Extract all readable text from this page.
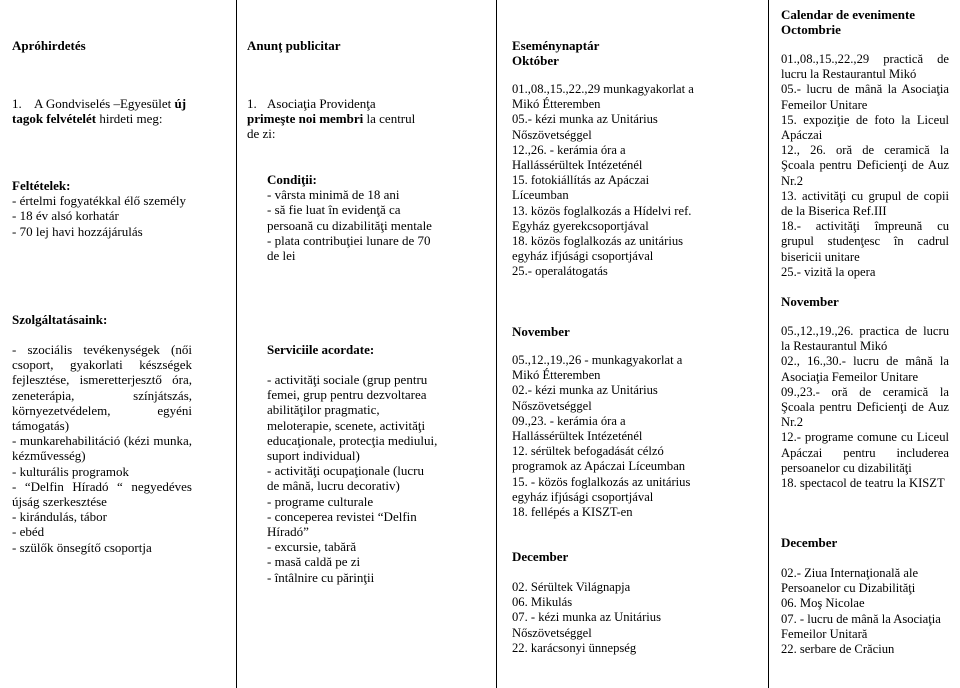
Apróhirdetés
1. A Gondviselés –Egyesület új tagok felvételét hirdeti meg:

Feltételek:

- értelmi fogyatékkal élő személy

- 18 év alsó korhatár

- 70 lej havi hozzájárulás

Szolgáltatásaink:

- szociális tevékenységek (női csoport, gyakorlati készségek fejlesztése, ismeretterjesztő óra, zeneterápia, színjátszás, környezetvédelem, egyéni támogatás)

- munkarehabilitáció (kézi munka, kézművesség)

- kulturális programok

- “Delfin Híradó “ negyedéves újság szerkesztése

- kirándulás, tábor

- ebéd

- szülők önsegítő csoportja

Anunţ publicitar
1. Asociaţia Providenţa primeşte noi membri la centrul de zi:

Condiţii:

- vârsta minimă de 18 ani

- să fie luat în evidenţă ca persoană cu dizabilităţi mentale

- plata contribuţiei lunare de 70 de lei

Serviciile acordate:

- activităţi sociale (grup pentru femei, grup pentru dezvoltarea abilităţilor pragmatic, meloterapie, scenete, activităţi educaţionale, protecţia mediului, suport individual)

- activităţi ocupaţionale (lucru de mână, lucru decorativ)

- programe culturale

- conceperea revistei “Delfin Híradó”

- excursie, tabără

- masă caldă pe zi

- întâlnire cu părinţii

Eseménynaptár
Október

01.,08.,15.,22.,29 munkagyakorlat a Mikó Étteremben

05.- kézi munka az Unitárius Nőszövetséggel

12.,26. - kerámia óra a Hallássérültek Intézeténél

15. fotokiállítás az Apáczai Líceumban

13. közös foglalkozás a Hídelvi ref. Egyház gyerekcsoportjával

18. közös foglalkozás az unitárius egyház ifjúsági csoportjával

25.- operalátogatás

November

05.,12.,19.,26 - munkagyakorlat a Mikó Étteremben

02.- kézi munka az Unitárius Nőszövetséggel

09.,23. - kerámia óra a Hallássérültek Intézeténél

12. sérültek befogadását célzó programok az Apáczai Líceumban

15. - közös foglalkozás az unitárius egyház ifjúsági csoportjával

18. fellépés a KISZT-en

December

02. Sérültek Világnapja

06. Mikulás

07. - kézi munka az Unitárius Nőszövetséggel

22. karácsonyi ünnepség

Calendar de evenimente
Octombrie

01.,08.,15.,22.,29 practică de lucru la Restaurantul Mikó

05.- lucru de mână la Asociaţia Femeilor Unitare

15. expoziţie de foto la Liceul Apáczai

12., 26. oră de ceramică la Şcoala pentru Deficienţi de Auz Nr.2

13. activităţi cu grupul de copii de la Biserica Ref.III

18.- activităţi împreună cu grupul studenţesc în cadrul bisericii unitare

25.- vizită la opera

November

05.,12.,19.,26. practica de lucru la Restaurantul Mikó

02., 16.,30.- lucru de mână la Asociaţia Femeilor Unitare

09.,23.- oră de ceramică la Şcoala pentru Deficienţi de Auz Nr.2

12.- programe comune cu Liceul Apáczai pentru includerea persoanelor cu dizabilităţi

18. spectacol de teatru la KISZT

December

02.- Ziua Internaţională ale Persoanelor cu Dizabilităţi

06. Moş Nicolae

07. - lucru de mână la Asociaţia Femeilor Unitară

22. serbare de Crăciun
